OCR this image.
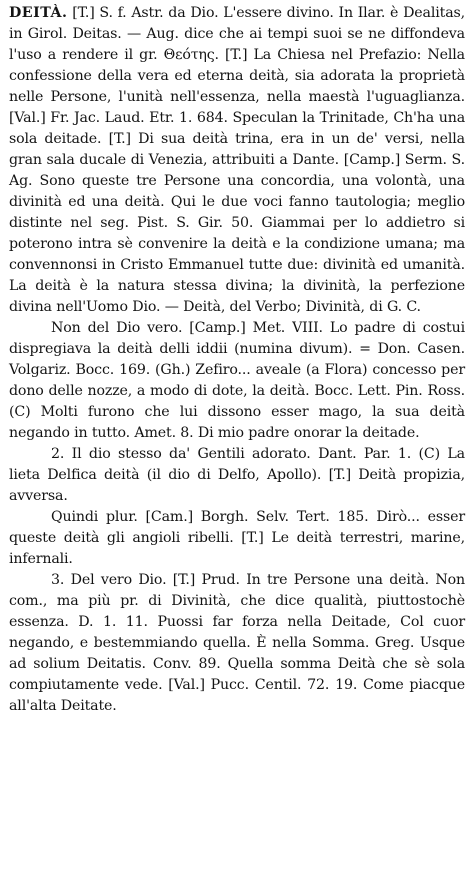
DEITÀ. [T.] S. f. Astr. da Dio. L'essere divino. In Ilar. è Dealitas, in Girol. Deitas. — Aug. dice che ai tempi suoi se ne diffondeva l'uso a rendere il gr. Θεότης. [T.] La Chiesa nel Prefazio: Nella confessione della vera ed eterna deità, sia adorata la proprietà nelle Persone, l'unità nell'essenza, nella maestà l'uguaglianza. [Val.] Fr. Jac. Laud. Etr. 1. 684. Speculan la Trinitade, Ch'ha una sola deitade. [T.] Di sua deità trina, era in un de' versi, nella gran sala ducale di Venezia, attribuiti a Dante. [Camp.] Serm. S. Ag. Sono queste tre Persone una concordia, una volontà, una divinità ed una deità. Qui le due voci fanno tautologia; meglio distinte nel seg. Pist. S. Gir. 50. Giammai per lo addietro si poterono intra sè convenire la deità e la condizione umana; ma convennonsi in Cristo Emmanuel tutte due: divinità ed umanità. La deità è la natura stessa divina; la divinità, la perfezione divina nell'Uomo Dio. — Deità, del Verbo; Divinità, di G. C.

Non del Dio vero. [Camp.] Met. VIII. Lo padre di costui dispregiava la deità delli iddii (numina divum). = Don. Casen. Volgariz. Bocc. 169. (Gh.) Zefiro... aveale (a Flora) concesso per dono delle nozze, a modo di dote, la deità. Bocc. Lett. Pin. Ross. (C) Molti furono che lui dissono esser mago, la sua deità negando in tutto. Amet. 8. Di mio padre onorar la deitade.

2. Il dio stesso da' Gentili adorato. Dant. Par. 1. (C) La lieta Delfica deità (il dio di Delfo, Apollo). [T.] Deità propizia, avversa.

Quindi plur. [Cam.] Borgh. Selv. Tert. 185. Dirò... esser queste deità gli angioli ribelli. [T.] Le deità terrestri, marine, infernali.

3. Del vero Dio. [T.] Prud. In tre Persone una deità. Non com., ma più pr. di Divinità, che dice qualità, piuttostochè essenza. D. 1. 11. Puossi far forza nella Deitade, Col cuor negando, e bestemmiando quella. È nella Somma. Greg. Usque ad solium Deitatis. Conv. 89. Quella somma Deità che sè sola compiutamente vede. [Val.] Pucc. Centil. 72. 19. Come piacque all'alta Deitate.
